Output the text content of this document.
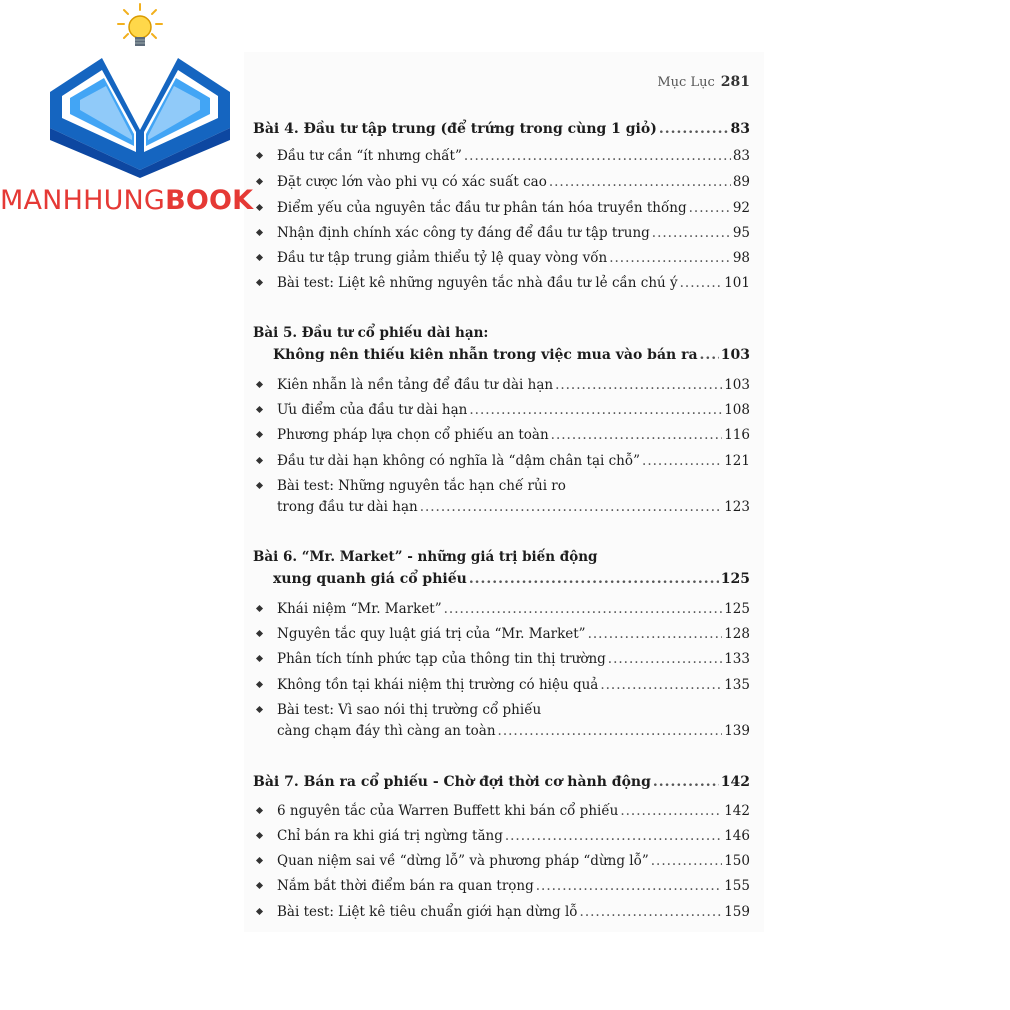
MANHHUNGBOOK
Mục Lục 281
Bài 4. Đầu tư tập trung (để trứng trong cùng 1 giỏ) .....	83
Đầu tư cần “ít nhưng chất” .....	83
Đặt cược lớn vào phi vụ có xác suất cao .....	89
Điểm yếu của nguyên tắc đầu tư phân tán hóa truyền thống .....	92
Nhận định chính xác công ty đáng để đầu tư tập trung .....	95
Đầu tư tập trung giảm thiểu tỷ lệ quay vòng vốn .....	98
Bài test: Liệt kê những nguyên tắc nhà đầu tư lẻ cần chú ý .....	101
Bài 5. Đầu tư cổ phiếu dài hạn:
Không nên thiếu kiên nhẫn trong việc mua vào bán ra ..... 103
Kiên nhẫn là nền tảng để đầu tư dài hạn .....	103
Ưu điểm của đầu tư dài hạn .....	108
Phương pháp lựa chọn cổ phiếu an toàn .....	116
Đầu tư dài hạn không có nghĩa là “dậm chân tại chỗ” .....	121
Bài test: Những nguyên tắc hạn chế rủi ro
trong đầu tư dài hạn .....	123
Bài 6. “Mr. Market” - những giá trị biến động
xung quanh giá cổ phiếu .....	125
Khái niệm “Mr. Market” .....	125
Nguyên tắc quy luật giá trị của “Mr. Market” .....	128
Phân tích tính phức tạp của thông tin thị trường .....	133
Không tồn tại khái niệm thị trường có hiệu quả .....	135
Bài test: Vì sao nói thị trường cổ phiếu
càng chạm đáy thì càng an toàn .....	139
Bài 7. Bán ra cổ phiếu - Chờ đợi thời cơ hành động .....	142
6 nguyên tắc của Warren Buffett khi bán cổ phiếu .....	142
Chỉ bán ra khi giá trị ngừng tăng .....	146
Quan niệm sai về “dừng lỗ” và phương pháp “dừng lỗ” .....	150
Nắm bắt thời điểm bán ra quan trọng .....	155
Bài test: Liệt kê tiêu chuẩn giới hạn dừng lỗ .....	159
